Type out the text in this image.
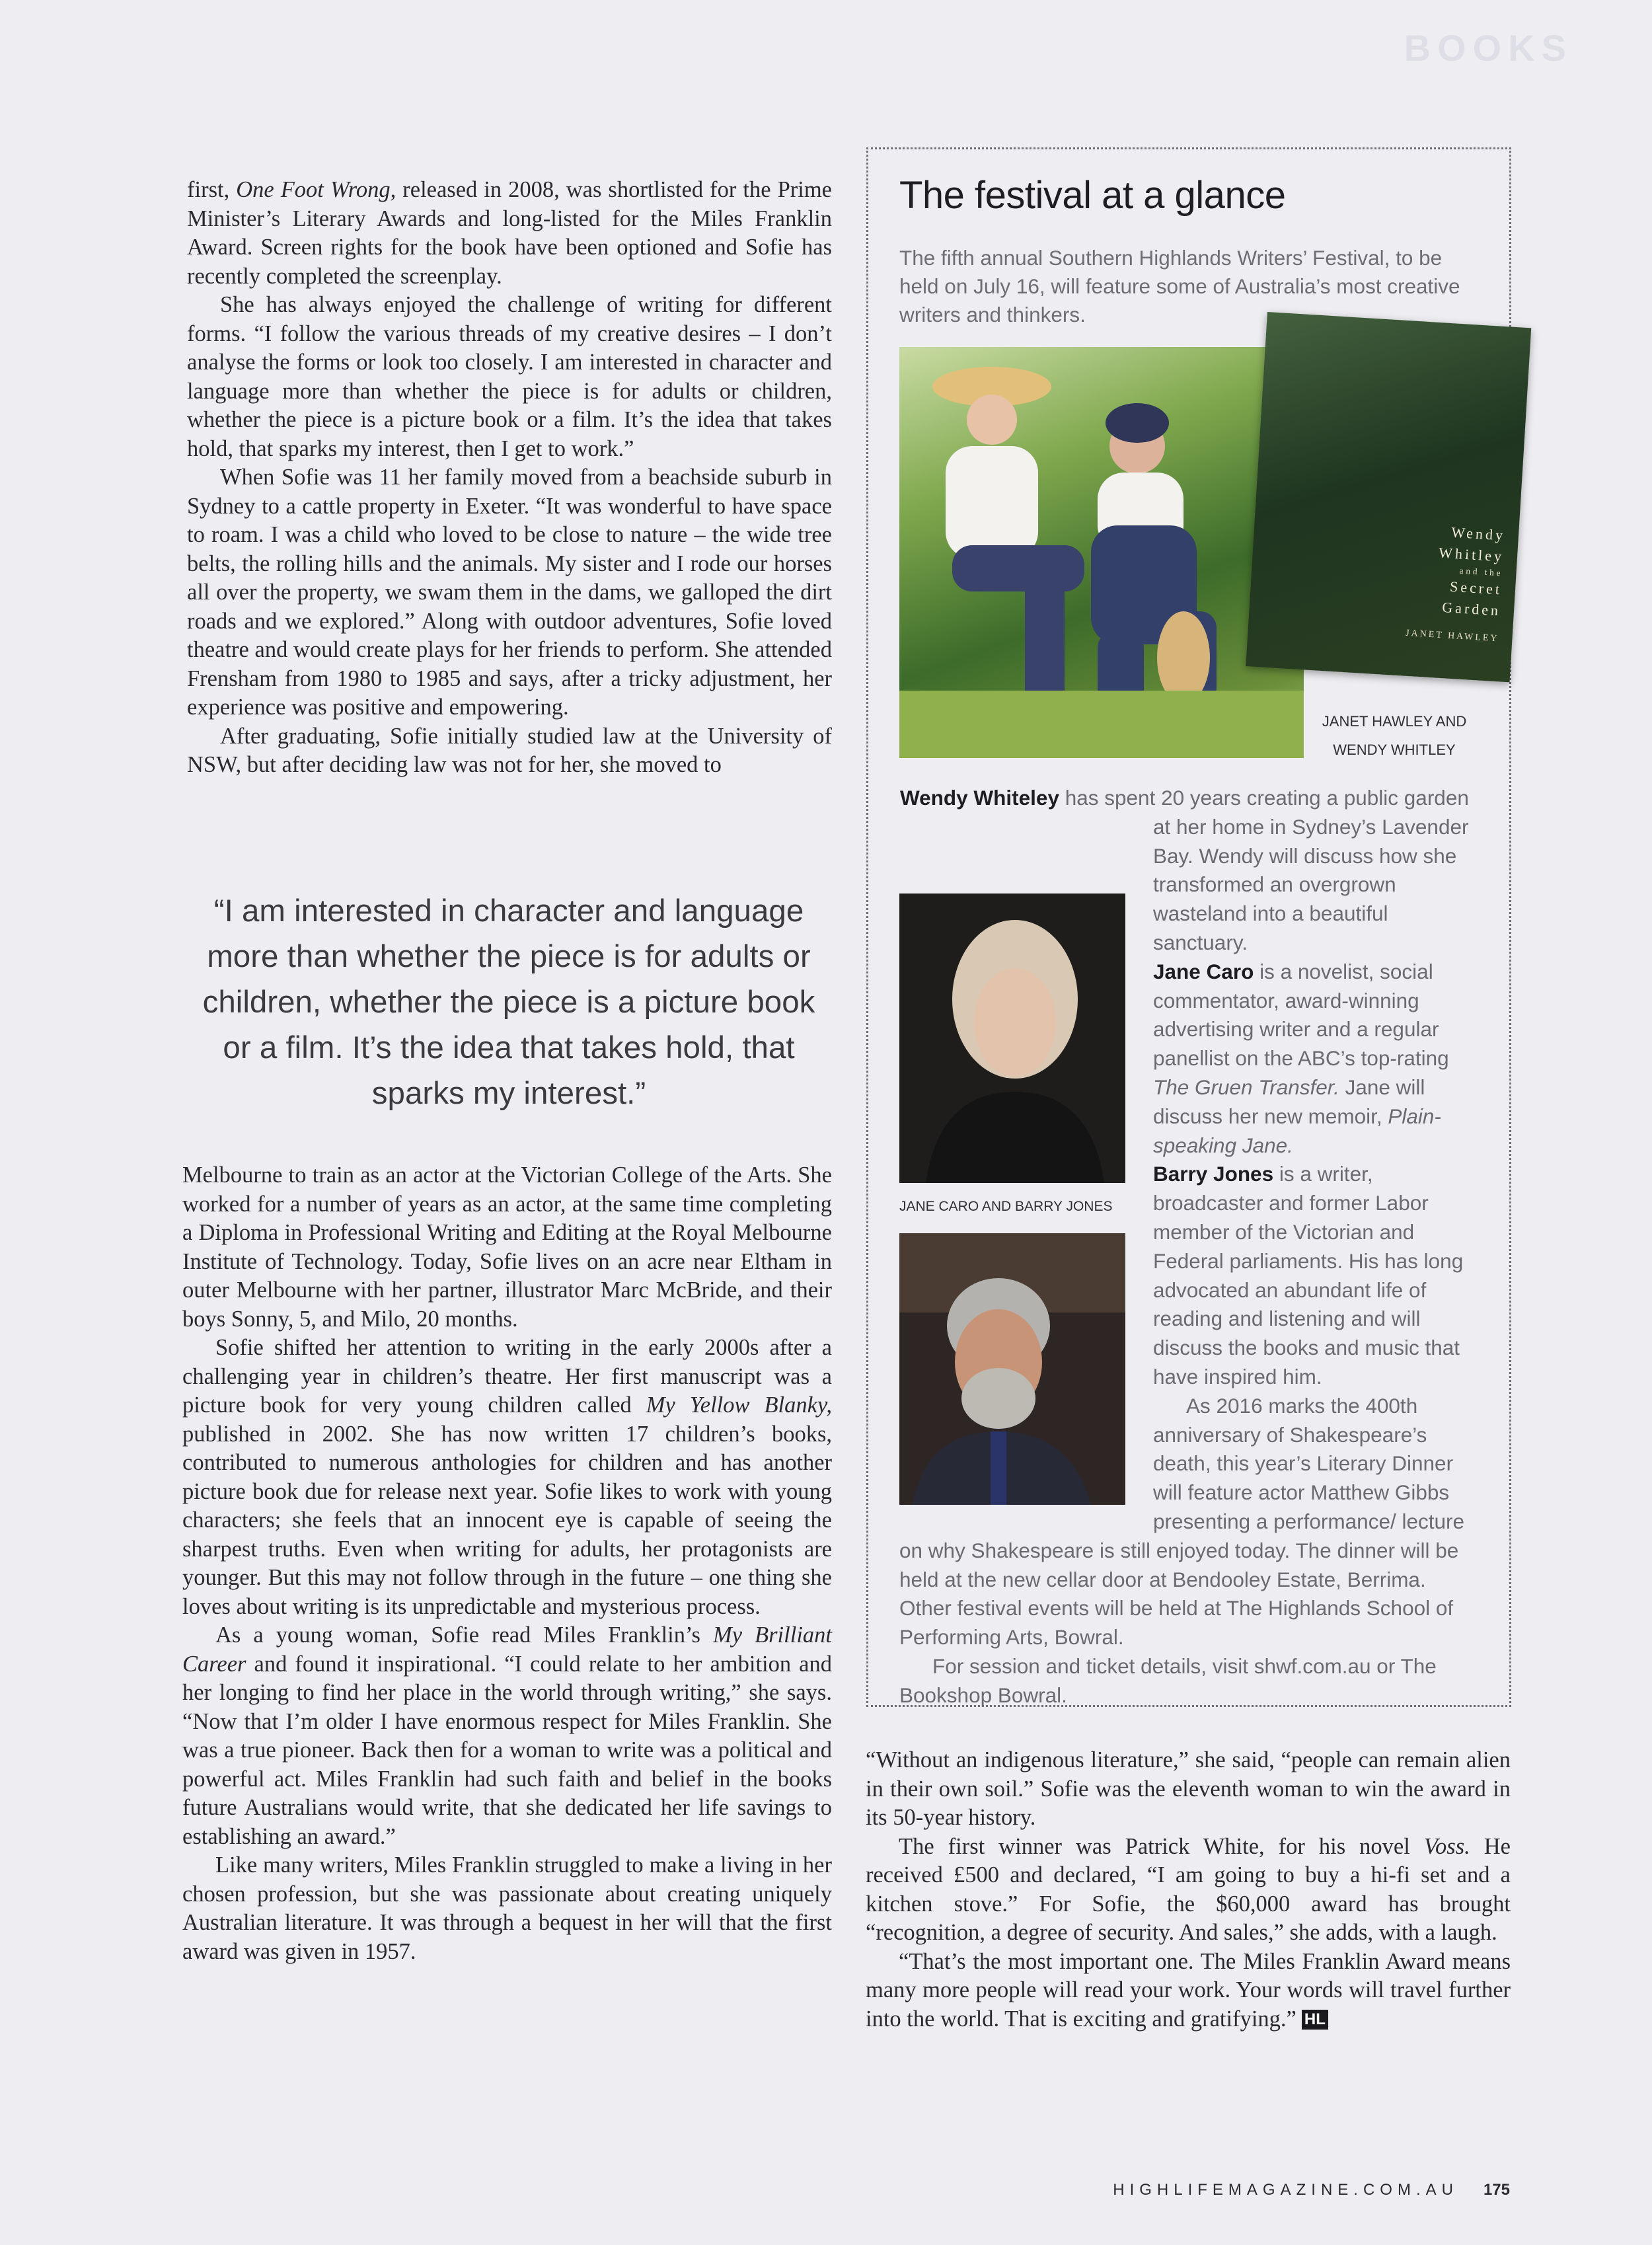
BOOKS

first, One Foot Wrong, released in 2008, was shortlisted for the Prime Minister’s Literary Awards and long-listed for the Miles Franklin Award. Screen rights for the book have been optioned and Sofie has recently completed the screenplay.

She has always enjoyed the challenge of writing for different forms. “I follow the various threads of my creative desires – I don’t analyse the forms or look too closely. I am interested in character and language more than whether the piece is for adults or children, whether the piece is a picture book or a film. It’s the idea that takes hold, that sparks my interest, then I get to work.”

When Sofie was 11 her family moved from a beachside suburb in Sydney to a cattle property in Exeter. “It was wonderful to have space to roam. I was a child who loved to be close to nature – the wide tree belts, the rolling hills and the animals. My sister and I rode our horses all over the property, we swam them in the dams, we galloped the dirt roads and we explored.” Along with outdoor adventures, Sofie loved theatre and would create plays for her friends to perform. She attended Frensham from 1980 to 1985 and says, after a tricky adjustment, her experience was positive and empowering.

After graduating, Sofie initially studied law at the University of NSW, but after deciding law was not for her, she moved to

“I am interested in character and language more than whether the piece is for adults or children, whether the piece is a picture book or a film. It’s the idea that takes hold, that sparks my interest.”

Melbourne to train as an actor at the Victorian College of the Arts. She worked for a number of years as an actor, at the same time completing a Diploma in Professional Writing and Editing at the Royal Melbourne Institute of Technology. Today, Sofie lives on an acre near Eltham in outer Melbourne with her partner, illustrator Marc McBride, and their boys Sonny, 5, and Milo, 20 months.

Sofie shifted her attention to writing in the early 2000s after a challenging year in children’s theatre. Her first manuscript was a picture book for very young children called My Yellow Blanky, published in 2002. She has now written 17 children’s books, contributed to numerous anthologies for children and has another picture book due for release next year. Sofie likes to work with young characters; she feels that an innocent eye is capable of seeing the sharpest truths. Even when writing for adults, her protagonists are younger. But this may not follow through in the future – one thing she loves about writing is its unpredictable and mysterious process.

As a young woman, Sofie read Miles Franklin’s My Brilliant Career and found it inspirational. “I could relate to her ambition and her longing to find her place in the world through writing,” she says. “Now that I’m older I have enormous respect for Miles Franklin. She was a true pioneer. Back then for a woman to write was a political and powerful act. Miles Franklin had such faith and belief in the books future Australians would write, that she dedicated her life savings to establishing an award.”

Like many writers, Miles Franklin struggled to make a living in her chosen profession, but she was passionate about creating uniquely Australian literature. It was through a bequest in her will that the first award was given in 1957.

“Without an indigenous literature,” she said, “people can remain alien in their own soil.” Sofie was the eleventh woman to win the award in its 50-year history.

The first winner was Patrick White, for his novel Voss. He received £500 and declared, “I am going to buy a hi-fi set and a kitchen stove.” For Sofie, the $60,000 award has brought “recognition, a degree of security. And sales,” she adds, with a laugh.

“That’s the most important one. The Miles Franklin Award means many more people will read your work. Your words will travel further into the world. That is exciting and gratifying.” HL

The festival at a glance
The fifth annual Southern Highlands Writers’ Festival, to be held on July 16, will feature some of Australia’s most creative writers and thinkers.
Wendy
Whitley
and the
Secret
Garden
JANET HAWLEY
JANET HAWLEY AND WENDY WHITLEY
JANE CARO AND BARRY JONES

Wendy Whiteley has spent 20 years creating a public garden at her home in Sydney’s Lavender Bay. Wendy will discuss how she transformed an overgrown wasteland into a beautiful sanctuary.

Jane Caro is a novelist, social commentator, award-winning advertising writer and a regular panellist on the ABC’s top-rating The Gruen Transfer. Jane will discuss her new memoir, Plain-speaking Jane.

Barry Jones is a writer, broadcaster and former Labor member of the Victorian and Federal parliaments. His has long advocated an abundant life of reading and listening and will discuss the books and music that have inspired him.

As 2016 marks the 400th anniversary of Shakespeare’s death, this year’s Literary Dinner will feature actor Matthew Gibbs presenting a performance/ lecture on why Shakespeare is still enjoyed today. The dinner will be held at the new cellar door at Bendooley Estate, Berrima. Other festival events will be held at The Highlands School of Performing Arts, Bowral.

For session and ticket details, visit shwf.com.au or The Bookshop Bowral.

HIGHLIFEMAGAZINE.COM.AU 175
